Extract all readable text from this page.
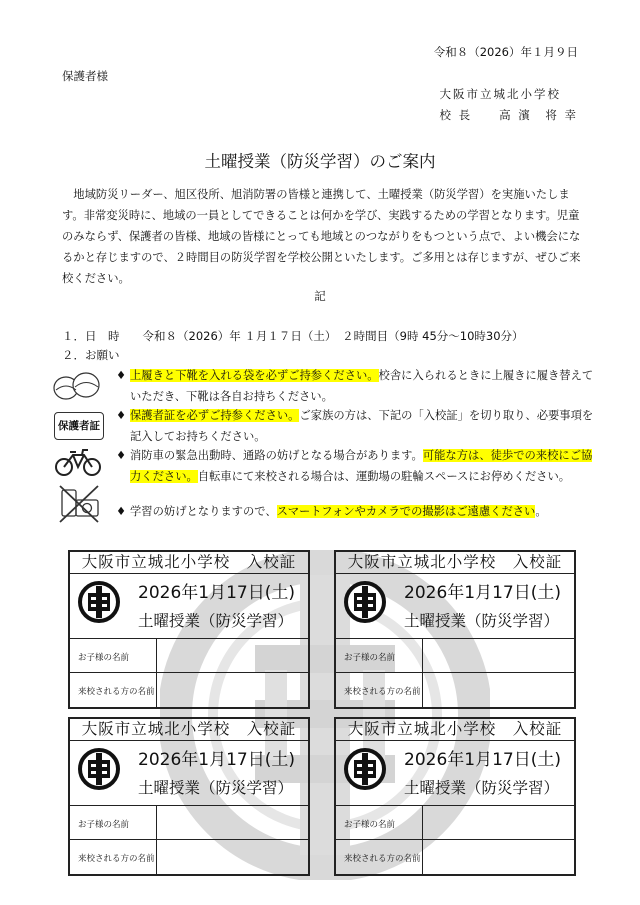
令和８（2026）年１月９日
保護者様
大阪市立城北小学校
校 長　　高 濱　将 幸
土曜授業（防災学習）のご案内
地域防災リーダー、旭区役所、旭消防署の皆様と連携して、土曜授業（防災学習）を実施いたします。非常変災時に、地域の一員としてできることは何かを学び、実践するための学習となります。児童のみならず、保護者の皆様、地域の皆様にとっても地域とのつながりをもつという点で、よい機会になるかと存じますので、２時間目の防災学習を学校公開といたします。ご多用とは存じますが、ぜひご来校ください。
記
１．日　時　　令和８（2026）年 １月１７日（土）　２時間目（9時 45分～10時30分）
２．お願い
保護者証
♦ 上履きと下靴を入れる袋を必ずご持参ください。校舎に入られるときに上履きに履き替えていただき、下靴は各自お持ちください。
♦ 保護者証を必ずご持参ください。ご家族の方は、下記の「入校証」を切り取り、必要事項を記入してお持ちください。
♦ 消防車の緊急出動時、通路の妨げとなる場合があります。可能な方は、徒歩での来校にご協力ください。自転車にて来校される場合は、運動場の駐輪スペースにお停めください。
♦ 学習の妨げとなりますので、スマートフォンやカメラでの撮影はご遠慮ください。
大阪市立城北小学校　入校証
2026年1月17日(土)
土曜授業（防災学習）
お子様の名前
来校される方の名前
大阪市立城北小学校　入校証
2026年1月17日(土)
土曜授業（防災学習）
お子様の名前
来校される方の名前
大阪市立城北小学校　入校証
2026年1月17日(土)
土曜授業（防災学習）
お子様の名前
来校される方の名前
大阪市立城北小学校　入校証
2026年1月17日(土)
土曜授業（防災学習）
お子様の名前
来校される方の名前
